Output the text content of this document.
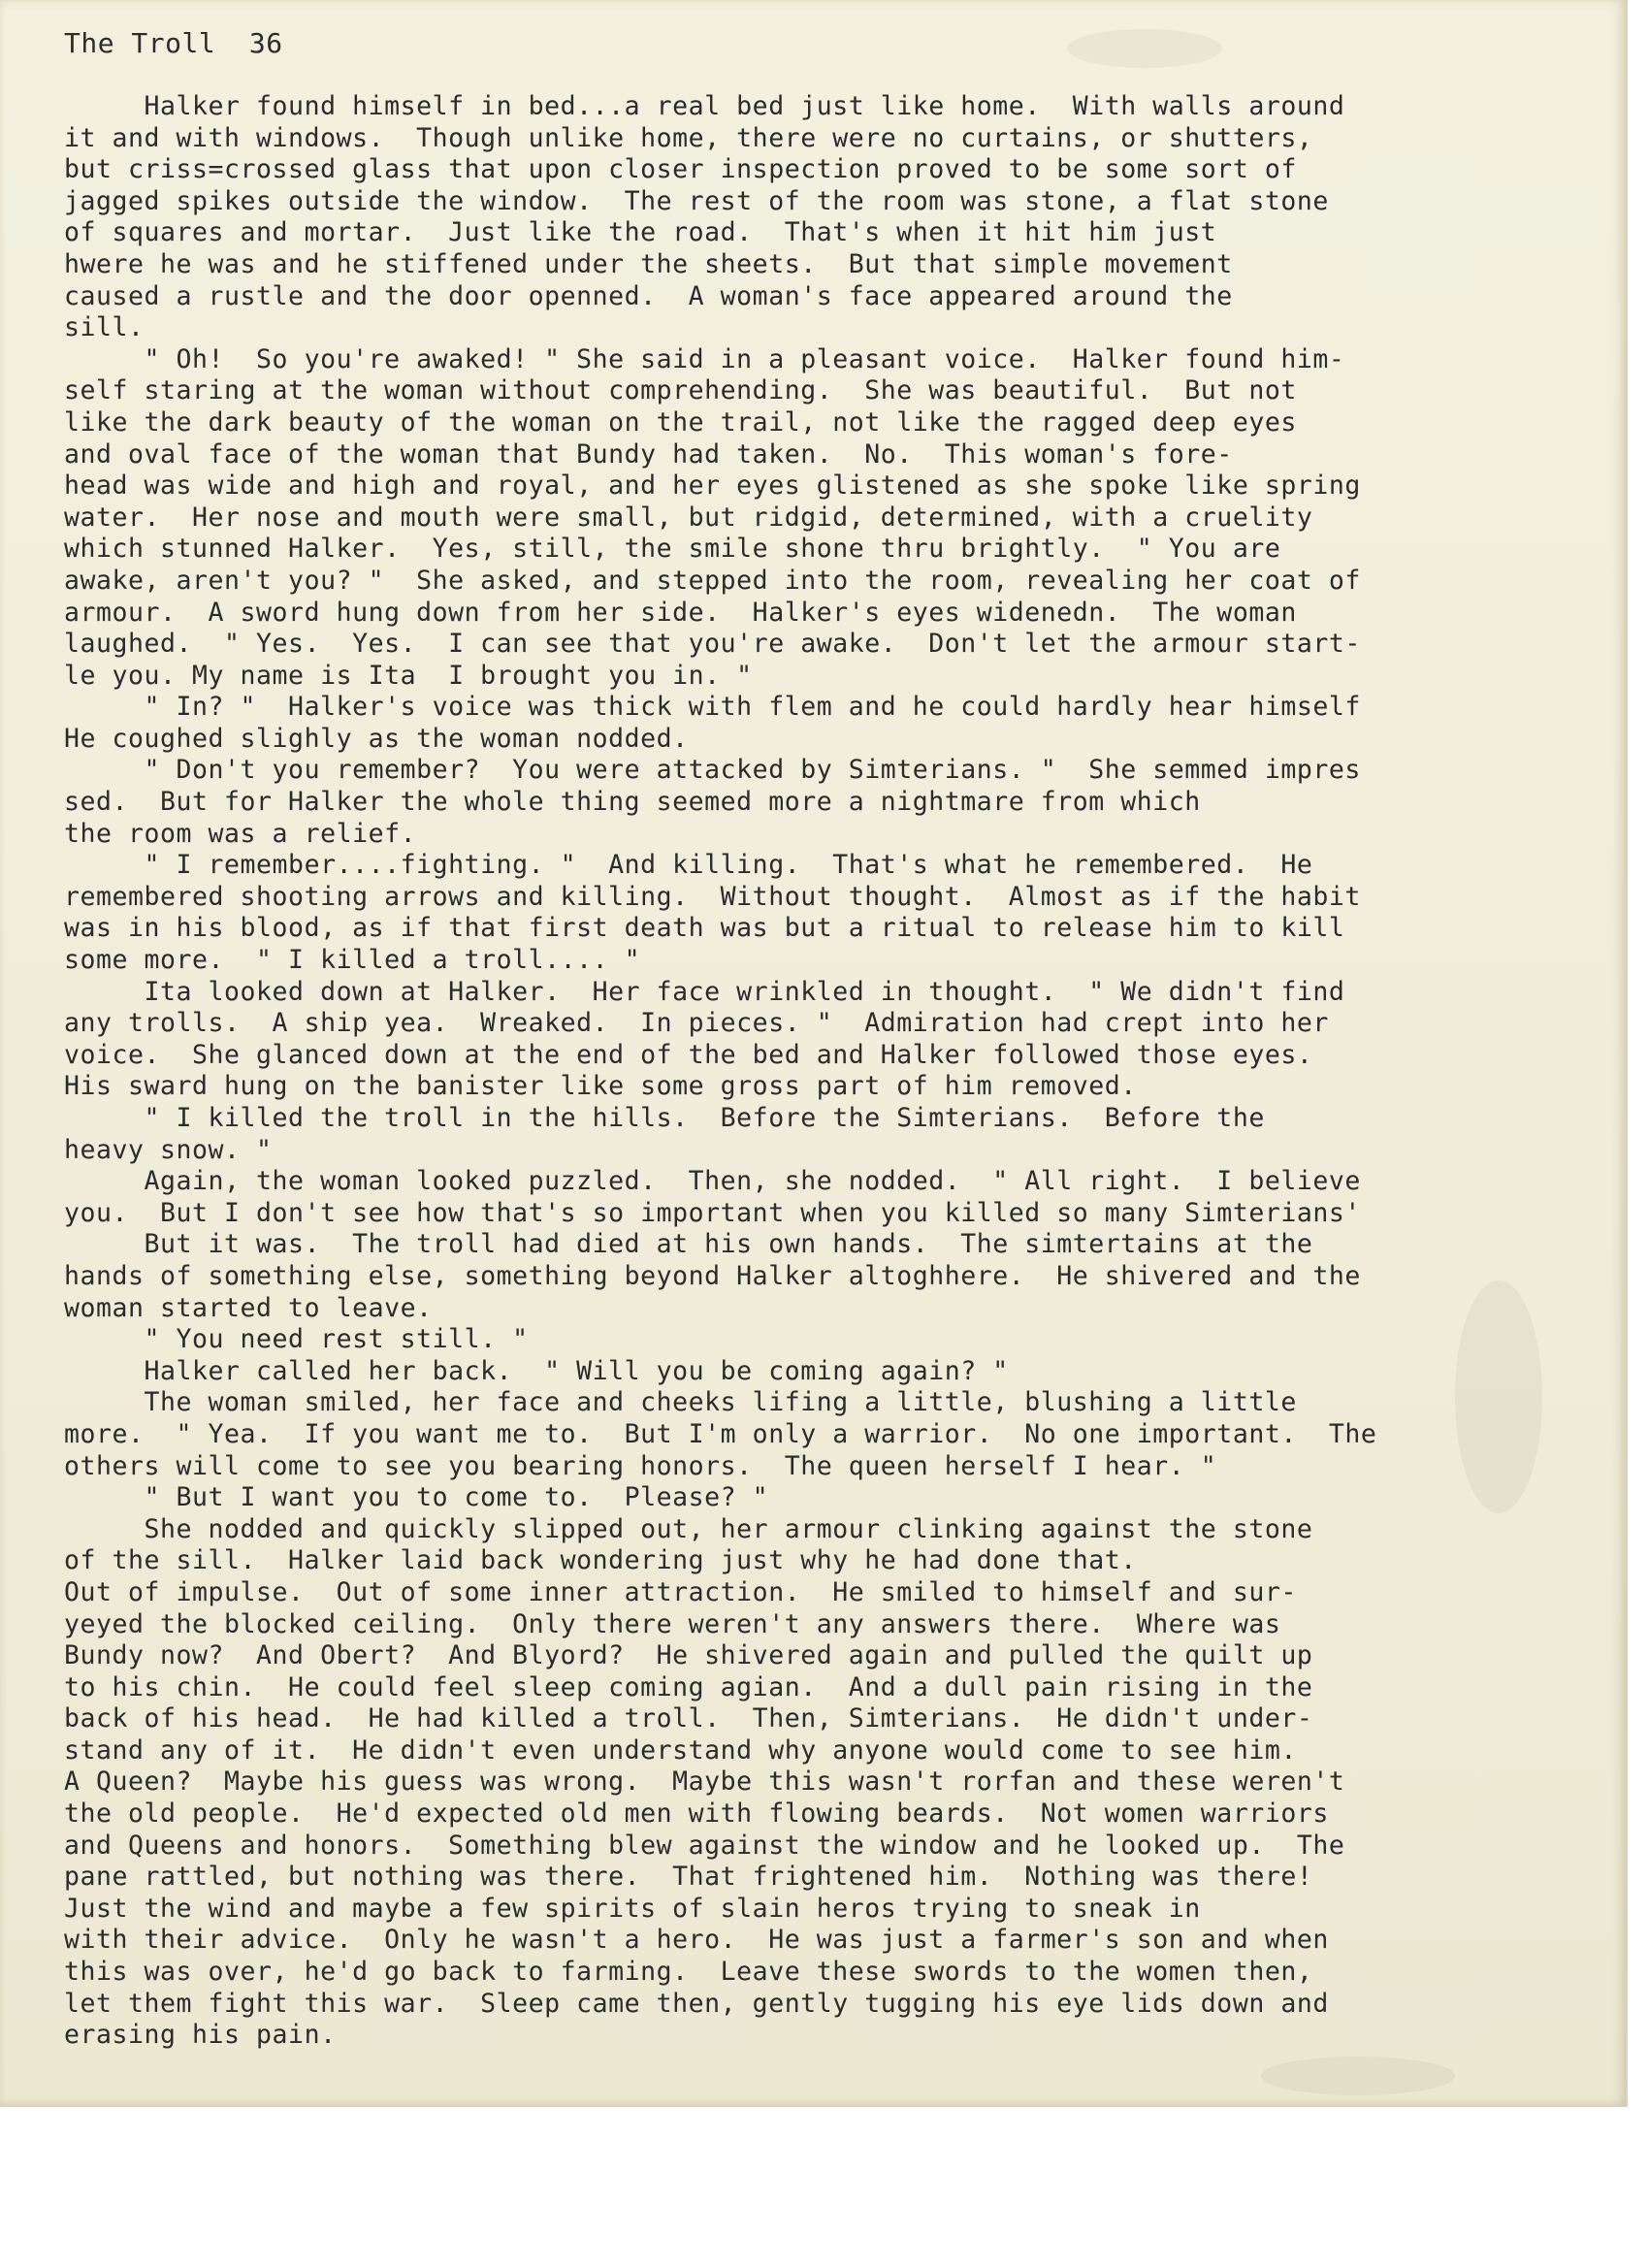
The Troll  36
Halker found himself in bed...a real bed just like home.  With walls around
it and with windows.  Though unlike home, there were no curtains, or shutters,
but criss=crossed glass that upon closer inspection proved to be some sort of
jagged spikes outside the window.  The rest of the room was stone, a flat stone
of squares and mortar.  Just like the road.  That's when it hit him just
hwere he was and he stiffened under the sheets.  But that simple movement
caused a rustle and the door openned.  A woman's face appeared around the
sill.
" Oh!  So you're awaked! " She said in a pleasant voice.  Halker found him-
self staring at the woman without comprehending.  She was beautiful.  But not
like the dark beauty of the woman on the trail, not like the ragged deep eyes
and oval face of the woman that Bundy had taken.  No.  This woman's fore-
head was wide and high and royal, and her eyes glistened as she spoke like spring
water.  Her nose and mouth were small, but ridgid, determined, with a cruelity
which stunned Halker.  Yes, still, the smile shone thru brightly.  " You are
awake, aren't you? "  She asked, and stepped into the room, revealing her coat of
armour.  A sword hung down from her side.  Halker's eyes widenedn.  The woman
laughed.  " Yes.  Yes.  I can see that you're awake.  Don't let the armour start-
le you. My name is Ita  I brought you in. "
" In? "  Halker's voice was thick with flem and he could hardly hear himself
He coughed slighly as the woman nodded.
" Don't you remember?  You were attacked by Simterians. "  She semmed impres
sed.  But for Halker the whole thing seemed more a nightmare from which
the room was a relief.
" I remember....fighting. "  And killing.  That's what he remembered.  He
remembered shooting arrows and killing.  Without thought.  Almost as if the habit
was in his blood, as if that first death was but a ritual to release him to kill
some more.  " I killed a troll.... "
Ita looked down at Halker.  Her face wrinkled in thought.  " We didn't find
any trolls.  A ship yea.  Wreaked.  In pieces. "  Admiration had crept into her
voice.  She glanced down at the end of the bed and Halker followed those eyes.
His sward hung on the banister like some gross part of him removed.
" I killed the troll in the hills.  Before the Simterians.  Before the
heavy snow. "
Again, the woman looked puzzled.  Then, she nodded.  " All right.  I believe
you.  But I don't see how that's so important when you killed so many Simterians'
But it was.  The troll had died at his own hands.  The simtertains at the
hands of something else, something beyond Halker altoghhere.  He shivered and the
woman started to leave.
" You need rest still. "
Halker called her back.  " Will you be coming again? "
The woman smiled, her face and cheeks lifing a little, blushing a little
more.  " Yea.  If you want me to.  But I'm only a warrior.  No one important.  The
others will come to see you bearing honors.  The queen herself I hear. "
" But I want you to come to.  Please? "
She nodded and quickly slipped out, her armour clinking against the stone
of the sill.  Halker laid back wondering just why he had done that.
Out of impulse.  Out of some inner attraction.  He smiled to himself and sur-
yeyed the blocked ceiling.  Only there weren't any answers there.  Where was
Bundy now?  And Obert?  And Blyord?  He shivered again and pulled the quilt up
to his chin.  He could feel sleep coming agian.  And a dull pain rising in the
back of his head.  He had killed a troll.  Then, Simterians.  He didn't under-
stand any of it.  He didn't even understand why anyone would come to see him.
A Queen?  Maybe his guess was wrong.  Maybe this wasn't rorfan and these weren't
the old people.  He'd expected old men with flowing beards.  Not women warriors
and Queens and honors.  Something blew against the window and he looked up.  The
pane rattled, but nothing was there.  That frightened him.  Nothing was there!
Just the wind and maybe a few spirits of slain heros trying to sneak in
with their advice.  Only he wasn't a hero.  He was just a farmer's son and when
this was over, he'd go back to farming.  Leave these swords to the women then,
let them fight this war.  Sleep came then, gently tugging his eye lids down and
erasing his pain.
